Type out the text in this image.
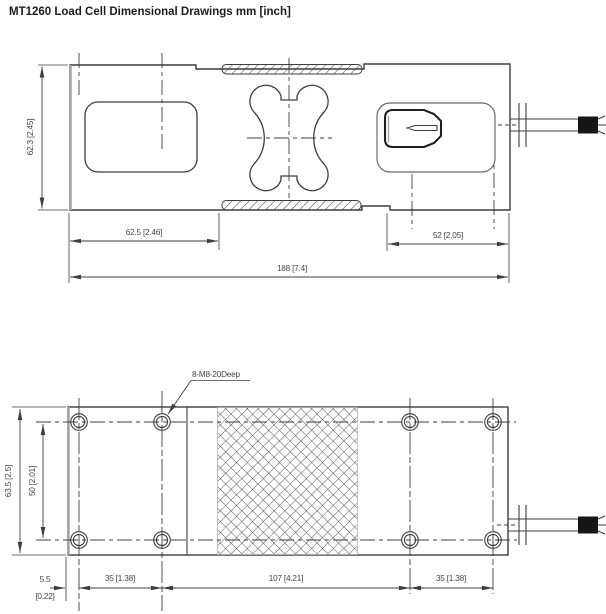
MT1260 Load Cell Dimensional Drawings mm [inch]
62.3 [2.45]
62.5 [2.46]	52 [2.05]
188 [7.4]
8-M8-20Deep
63.5 [2.5] 50 [2.01]
5.5
[0.22]
35 [1.38]	107 [4.21]	35 [1.38]
